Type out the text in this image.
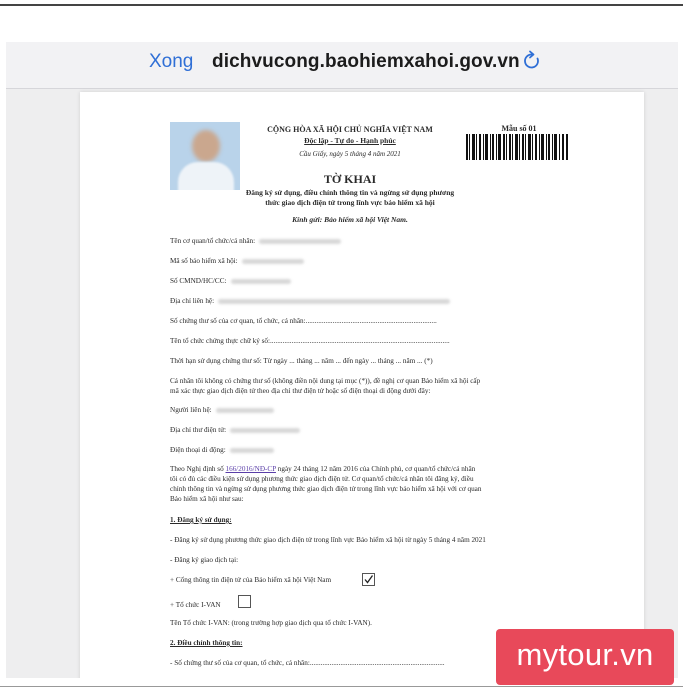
Xong dichvucong.baohiemxahoi.gov.vn
CỘNG HÒA XÃ HỘI CHỦ NGHĨA VIỆT NAM
Độc lập - Tự do - Hạnh phúc
Cầu Giấy, ngày 5 tháng 4 năm 2021
Mẫu số 01
TỜ KHAI
Đăng ký sử dụng, điều chỉnh thông tin và ngừng sử dụng phương
thức giao dịch điện tử trong lĩnh vực bảo hiểm xã hội
Kính gửi: Bảo hiểm xã hội Việt Nam.
Tên cơ quan/tổ chức/cá nhân:
Mã số bảo hiểm xã hội:
Số CMND/HC/CC:
Địa chỉ liên hệ:
Số chứng thư số của cơ quan, tổ chức, cá nhân:.........................................................................
Tên tổ chức chứng thực chữ ký số:....................................................................................................
Thời hạn sử dụng chứng thư số: Từ ngày ... tháng ... năm ... đến ngày ... tháng ... năm ... (*)
Cá nhân tôi không có chứng thư số (không điền nội dung tại mục (*)), đề nghị cơ quan Bảo hiểm xã hội cấp
mã xác thực giao dịch điện tử theo địa chỉ thư điện tử hoặc số điện thoại di động dưới đây:
Người liên hệ:
Địa chỉ thư điện tử:
Điện thoại di động:
Theo Nghị định số 166/2016/NĐ-CP ngày 24 tháng 12 năm 2016 của Chính phủ, cơ quan/tổ chức/cá nhân
tôi có đủ các điều kiện sử dụng phương thức giao dịch điện tử. Cơ quan/tổ chức/cá nhân tôi đăng ký, điều
chỉnh thông tin và ngừng sử dụng phương thức giao dịch điện tử trong lĩnh vực bảo hiểm xã hội với cơ quan
Bảo hiểm xã hội như sau:
1. Đăng ký sử dụng:
- Đăng ký sử dụng phương thức giao dịch điện tử trong lĩnh vực Bảo hiểm xã hội từ ngày 5 tháng 4 năm 2021
- Đăng ký giao dịch tại:
+ Cổng thông tin điện tử của Bảo hiểm xã hội Việt Nam
+ Tổ chức I-VAN
Tên Tổ chức I-VAN: (trong trường hợp giao dịch qua tổ chức I-VAN).
2. Điều chỉnh thông tin:
- Số chứng thư số của cơ quan, tổ chức, cá nhân:...........................................................................	mytour.vn
